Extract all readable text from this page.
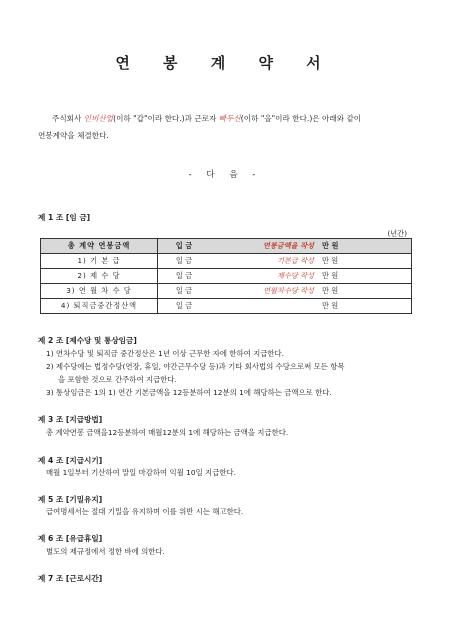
연 봉 계 약 서
주식회사 인비산업(이하 "갑"이라 한다.)과 근로자 빠두산(이하 "을"이라 한다.)은 아래와 같이
연봉계약을 체결한다.
- 다 음 -
제 1 조 [임 금]
(년간)
총 계약 연봉금액	입 금	연봉금액을 작성	만 원
1) 기 본 급	일 금	기본급 작성	만 원
2) 제 수 당	일 금	제수당 작성	만 원
3) 연 월 차 수 당	일 금	연월차수당 작성	만 원
4) 퇴직금중간정산액	일 금		만 원
제 2 조 [제수당 및 통상임금]
1) 연차수당 및 퇴직금 중간정산은 1년 이상 근무한 자에 한하여 지급한다.
2) 제수당에는 법정수당(연장, 휴일, 야간근무수당 등)과 기타 회사법의 수당으로써 모든 항목
을 포함한 것으로 간주하여 지급한다.
3) 통상임금은 1의 1) 연간 기본금액을 12등분하여 12분의 1에 해당하는 금액으로 한다.
제 3 조 [지급방법]
총 계약연봉 금액을12등분하여 매월12분의 1에 해당하는 금액을 지급한다.
제 4 조 [지급시기]
매월 1일부터 기산하여 말일 마감하여 익월 10일 지급한다.
제 5 조 [기밀유지]
급여명세서는 절대 기밀을 유지하며 이를 위반 시는 해고한다.
제 6 조 [유급휴일]
별도의 제규정에서 정한 바에 의한다.
제 7 조 [근로시간]
